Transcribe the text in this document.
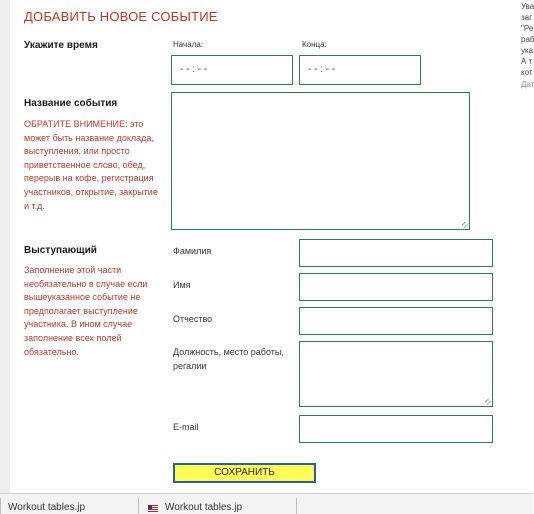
Ува
заг
"Ре
раб
ука
А т
кот
Дат
ДОБАВИТЬ НОВОЕ СОБЫТИЕ
Укажите время	Начала:	Конца:
- - : - -	- - : - -
Название события
ОБРАТИТЕ ВНИМЕНИЕ: это может быть название доклада, выступления, или просто приветственное слово, обед, перерыв на кофе, регистрация участников, открытие, закрытие и т.д.
Выступающий
Заполнение этой части необязательно в случае если вышеуказанное событие не предполагает выступление участника. В ином случае заполнение всех полей обязательно.
Фамилия
Имя
Отчество
Должность, место работы, регалии
E-mail
СОХРАНИТЬ
Workout tables.jp	Workout tables.jp
